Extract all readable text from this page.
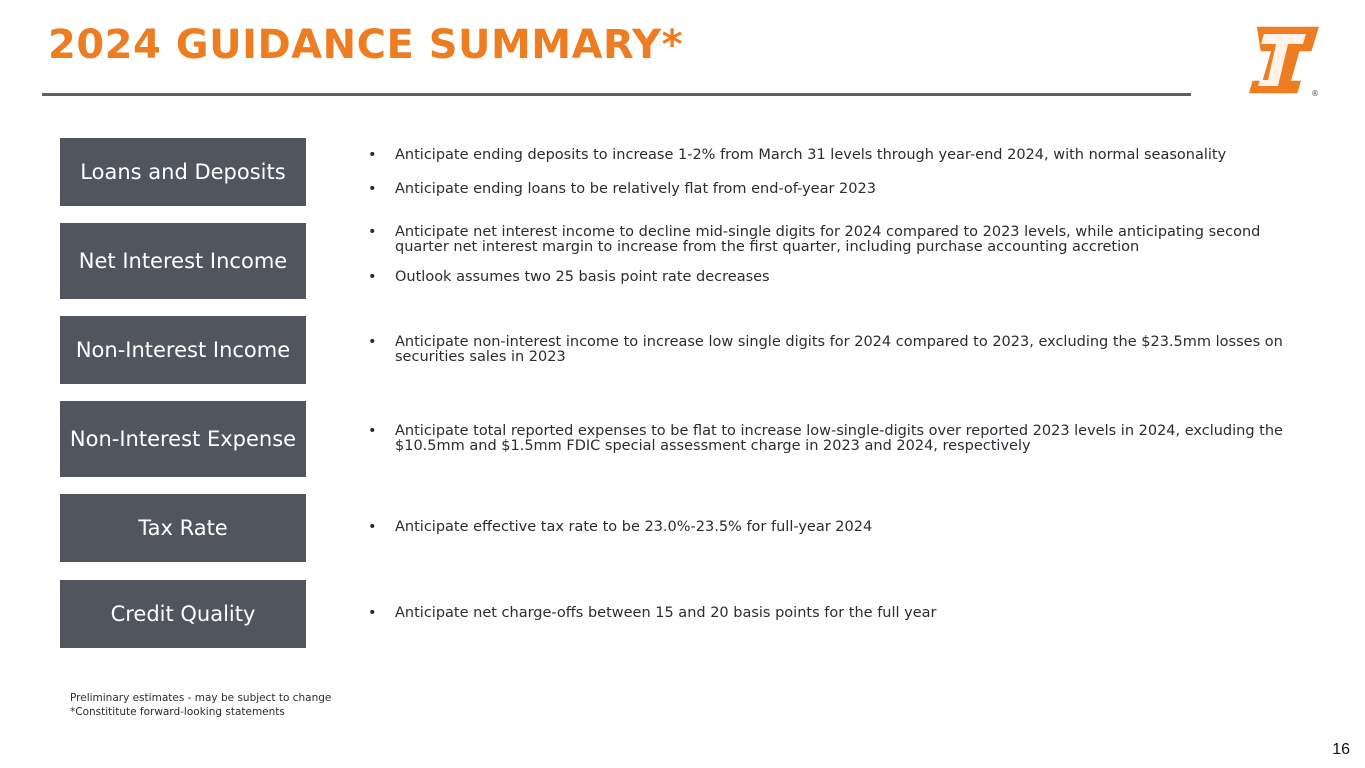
2024 GUIDANCE SUMMARY*
®
Loans and Deposits
• Anticipate ending deposits to increase 1-2% from March 31 levels through year-end 2024, with normal seasonality
• Anticipate ending loans to be relatively flat from end-of-year 2023
Net Interest Income
• Anticipate net interest income to decline mid-single digits for 2024 compared to 2023 levels, while anticipating second quarter net interest margin to increase from the first quarter, including purchase accounting accretion
• Outlook assumes two 25 basis point rate decreases
Non-Interest Income	• Anticipate non-interest income to increase low single digits for 2024 compared to 2023, excluding the $23.5mm losses on securities sales in 2023
Non-Interest Expense	• Anticipate total reported expenses to be flat to increase low-single-digits over reported 2023 levels in 2024, excluding the $10.5mm and $1.5mm FDIC special assessment charge in 2023 and 2024, respectively
Tax Rate	• Anticipate effective tax rate to be 23.0%-23.5% for full-year 2024
Credit Quality	• Anticipate net charge-offs between 15 and 20 basis points for the full year
Preliminary estimates - may be subject to change
*Constititute forward-looking statements
16
